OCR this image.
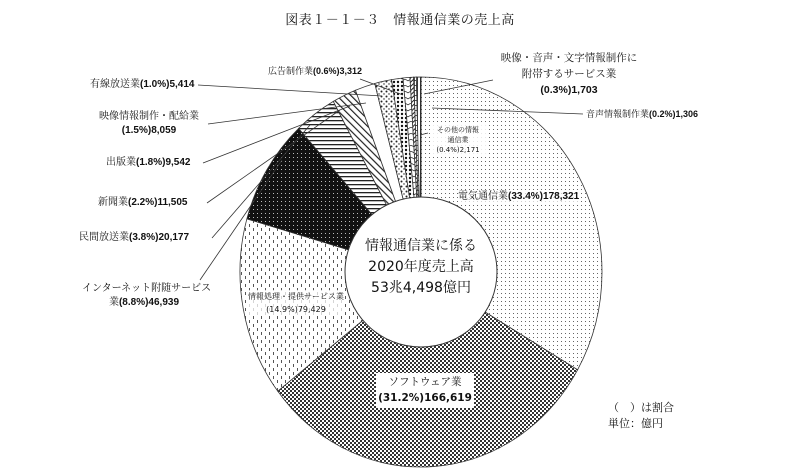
図表１－１－３　情報通信業の売上高
情報通信業に係る
2020年度売上高
53兆4,498億円
ソフトウェア業
(31.2%)166,619
電気通信業(33.4%)178,321
情報処理・提供サービス業
(14.9%)79,429
インターネット附随サービス
業(8.8%)46,939
民間放送業(3.8%)20,177
新聞業(2.2%)11,505
出版業(1.8%)9,542
映像情報制作・配給業
(1.5%)8,059
有線放送業(1.0%)5,414
広告制作業(0.6%)3,312
映像・音声・文字情報制作に
附帯するサービス業
(0.3%)1,703
音声情報制作業(0.2%)1,306
その他の情報
通信業
(0.4%)2,171
（　）は割合
単位：億円
